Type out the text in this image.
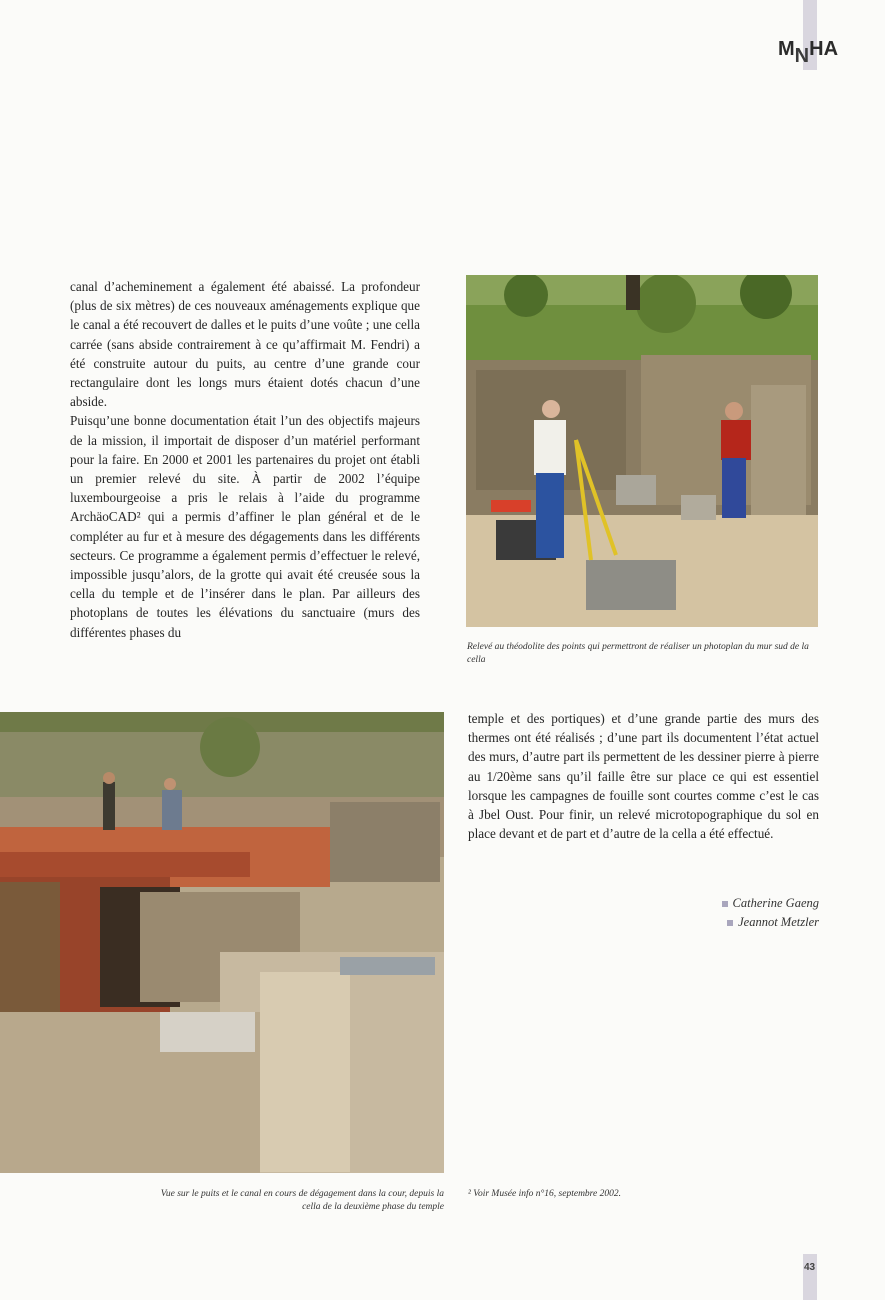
MNHA

canal d’acheminement a également été abaissé. La profondeur (plus de six mètres) de ces nouveaux aménagements explique que le canal a été recouvert de dalles et le puits d’une voûte ; une cella carrée (sans abside contrairement à ce qu’affirmait M. Fendri) a été construite autour du puits, au centre d’une grande cour rectangulaire dont les longs murs étaient dotés chacun d’une abside.

Puisqu’une bonne documentation était l’un des objectifs majeurs de la mission, il importait de disposer d’un matériel performant pour la faire. En 2000 et 2001 les partenaires du projet ont établi un premier relevé du site. À partir de 2002 l’équipe luxembourgeoise a pris le relais à l’aide du programme ArchäoCAD² qui a permis d’affiner le plan général et de le compléter au fur et à mesure des dégagements dans les différents secteurs. Ce programme a également permis d’effectuer le relevé, impossible jusqu’alors, de la grotte qui avait été creusée sous la cella du temple et de l’insérer dans le plan. Par ailleurs des photoplans de toutes les élévations du sanctuaire (murs des différentes phases du

Relevé au théodolite des points qui permettront de réaliser un photoplan du mur sud de la cella
Vue sur le puits et le canal en cours de dégagement dans la cour, depuis la cella de la deuxième phase du temple

temple et des portiques) et d’une grande partie des murs des thermes ont été réalisés ; d’une part ils documentent l’état actuel des murs, d’autre part ils permettent de les dessiner pierre à pierre au 1/20ème sans qu’il faille être sur place ce qui est essentiel lorsque les campagnes de fouille sont courtes comme c’est le cas à Jbel Oust. Pour finir, un relevé microtopographique du sol en place devant et de part et d’autre de la cella a été effectué.

Catherine Gaeng
Jeannot Metzler
² Voir Musée info n°16, septembre 2002.
43
